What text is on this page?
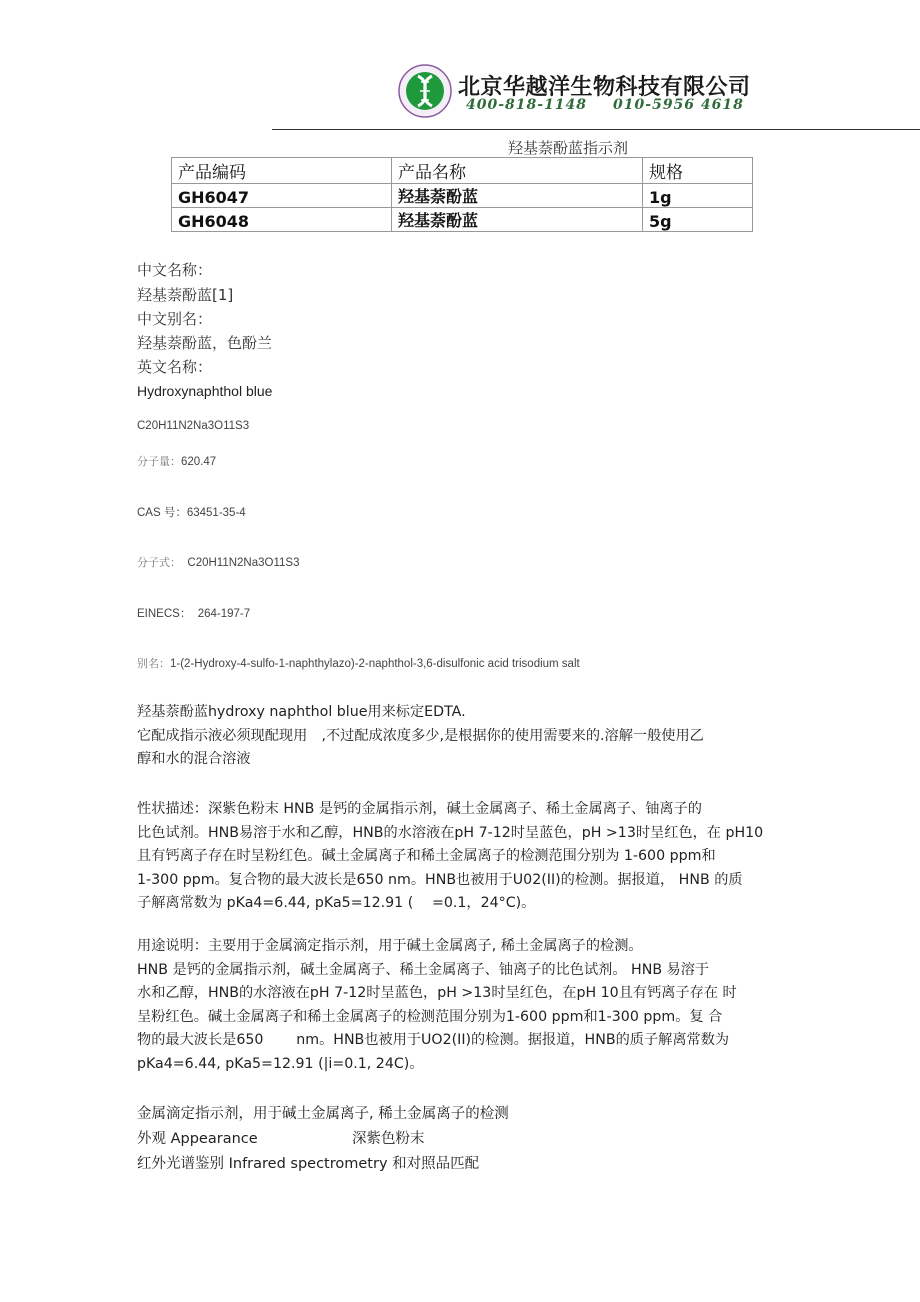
北京华越洋生物科技有限公司
400-818-1148 010-5956 4618
羟基萘酚蓝指示剂
产品编码	产品名称	规格
GH6047	羟基萘酚蓝	1g
GH6048	羟基萘酚蓝	5g
中文名称：
羟基萘酚蓝[1]
中文别名：
羟基萘酚蓝，色酚兰
英文名称：
Hydroxynaphthol blue
C20H11N2Na3O11S3
分子量：620.47
CAS 号：63451-35-4
分子式： C20H11N2Na3O11S3
EINECS： 264-197-7
别名：1-(2-Hydroxy-4-sulfo-1-naphthylazo)-2-naphthol-3,6-disulfonic acid trisodium salt
羟基萘酚蓝hydroxy naphthol blue用来标定EDTA.
它配成指示液必须现配现用　,不过配成浓度多少,是根据你的使用需要来的.溶解一般使用乙
醇和水的混合溶液
性状描述：深紫色粉末 HNB 是钙的金属指示剂，碱土金属离子、稀土金属离子、铀离子的
比色试剂。HNB易溶于水和乙醇，HNB的水溶液在pH 7-12时呈蓝色，pH >13时呈红色，在 pH10
且有钙离子存在时呈粉红色。碱土金属离子和稀土金属离子的检测范围分别为 1-600 ppm和
1-300 ppm。复合物的最大波长是650 nm。HNB也被用于U02(II)的检测。据报道， HNB 的质
子解离常数为 pKa4=6.44, pKa5=12.91 (　 =0.1，24°C)。
用途说明：主要用于金属滴定指示剂，用于碱土金属离子, 稀土金属离子的检测。
HNB 是钙的金属指示剂，碱土金属离子、稀土金属离子、铀离子的比色试剂。 HNB 易溶于
水和乙醇，HNB的水溶液在pH 7-12时呈蓝色，pH >13时呈红色，在pH 10且有钙离子存在 时
呈粉红色。碱土金属离子和稀土金属离子的检测范围分别为1-600 ppm和1-300 ppm。复 合
物的最大波长是650　　 nm。HNB也被用于UO2(II)的检测。据报道，HNB的质子解离常数为
pKa4=6.44, pKa5=12.91 (|i=0.1, 24C)。
金属滴定指示剂，用于碱土金属离子, 稀土金属离子的检测
外观 Appearance	深紫色粉末
红外光谱鉴别 Infrared spectrometry 和对照品匹配
